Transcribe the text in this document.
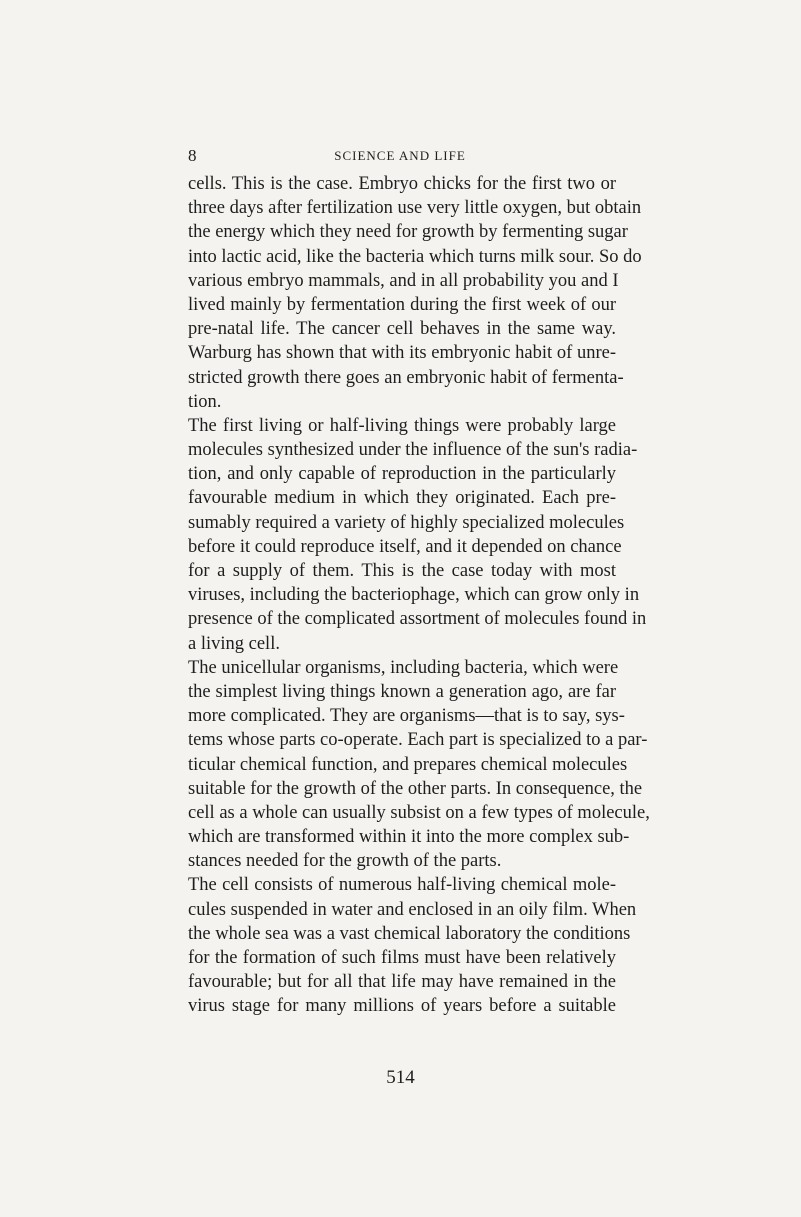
8	SCIENCE AND LIFE
cells. This is the case. Embryo chicks for the first two or
three days after fertilization use very little oxygen, but obtain
the energy which they need for growth by fermenting sugar
into lactic acid, like the bacteria which turns milk sour. So do
various embryo mammals, and in all probability you and I
lived mainly by fermentation during the first week of our
pre-natal life. The cancer cell behaves in the same way.
Warburg has shown that with its embryonic habit of unre-
stricted growth there goes an embryonic habit of fermenta-
tion.
The first living or half-living things were probably large
molecules synthesized under the influence of the sun's radia-
tion, and only capable of reproduction in the particularly
favourable medium in which they originated. Each pre-
sumably required a variety of highly specialized molecules
before it could reproduce itself, and it depended on chance
for a supply of them. This is the case today with most
viruses, including the bacteriophage, which can grow only in
presence of the complicated assortment of molecules found in
a living cell.
The unicellular organisms, including bacteria, which were
the simplest living things known a generation ago, are far
more complicated. They are organisms—that is to say, sys-
tems whose parts co-operate. Each part is specialized to a par-
ticular chemical function, and prepares chemical molecules
suitable for the growth of the other parts. In consequence, the
cell as a whole can usually subsist on a few types of molecule,
which are transformed within it into the more complex sub-
stances needed for the growth of the parts.
The cell consists of numerous half-living chemical mole-
cules suspended in water and enclosed in an oily film. When
the whole sea was a vast chemical laboratory the conditions
for the formation of such films must have been relatively
favourable; but for all that life may have remained in the
virus stage for many millions of years before a suitable
514
